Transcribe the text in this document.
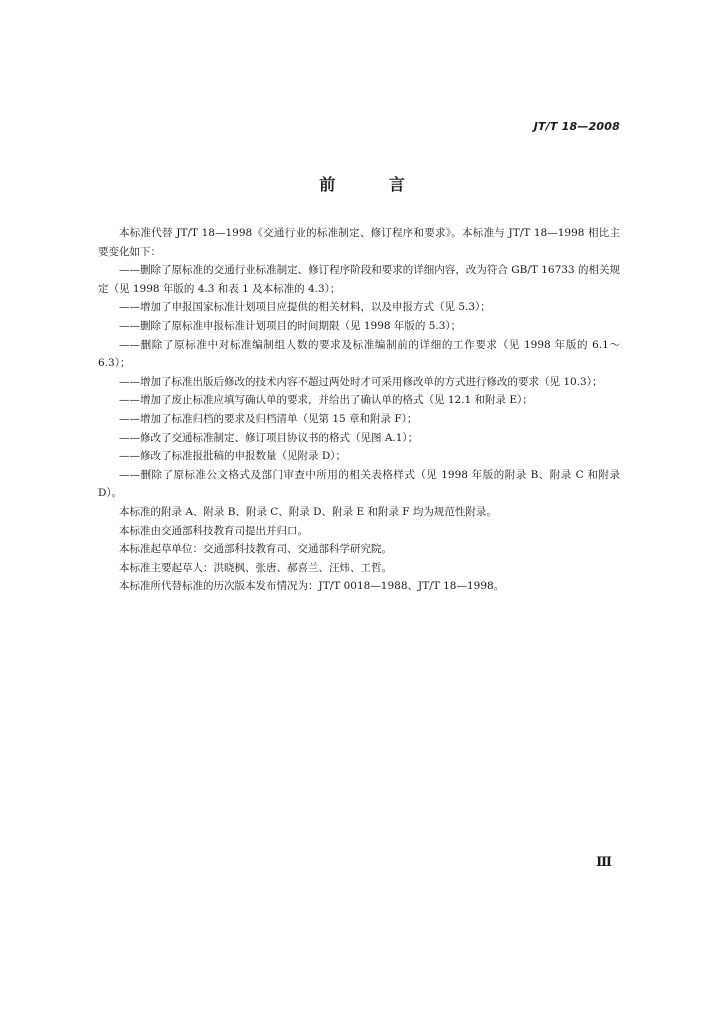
JT/T 18—2008
前 言

本标准代替 JT/T 18—1998《交通行业的标准制定、修订程序和要求》。本标准与 JT/T 18—1998 相比主要变化如下：

——删除了原标准的交通行业标准制定、修订程序阶段和要求的详细内容，改为符合 GB/T 16733 的相关规定（见 1998 年版的 4.3 和表 1 及本标准的 4.3）；

——增加了申报国家标准计划项目应提供的相关材料，以及申报方式（见 5.3）；

——删除了原标准申报标准计划项目的时间期限（见 1998 年版的 5.3）；

——删除了原标准中对标准编制组人数的要求及标准编制前的详细的工作要求（见 1998 年版的 6.1～6.3）；

——增加了标准出版后修改的技术内容不超过两处时才可采用修改单的方式进行修改的要求（见 10.3）；

——增加了废止标准应填写确认单的要求，并给出了确认单的格式（见 12.1 和附录 E）；

——增加了标准归档的要求及归档清单（见第 15 章和附录 F）；

——修改了交通标准制定、修订项目协议书的格式（见图 A.1）；

——修改了标准报批稿的申报数量（见附录 D）；

——删除了原标准公文格式及部门审查中所用的相关表格样式（见 1998 年版的附录 B、附录 C 和附录 D）。

本标准的附录 A、附录 B、附录 C、附录 D、附录 E 和附录 F 均为规范性附录。

本标准由交通部科技教育司提出并归口。

本标准起草单位：交通部科技教育司、交通部科学研究院。

本标准主要起草人：洪晓枫、张唐、郝喜兰、汪炜、工哲。

本标准所代替标准的历次版本发布情况为：JT/T 0018—1988、JT/T 18—1998。

Ⅲ
